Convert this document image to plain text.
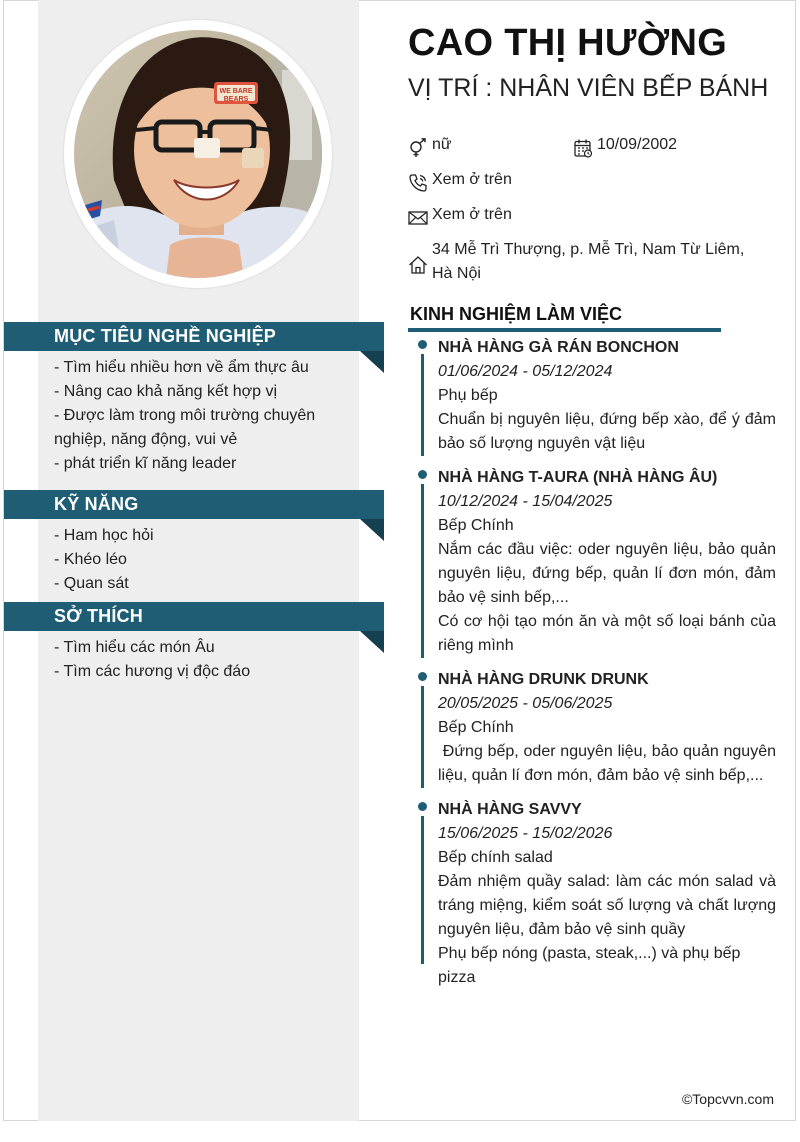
WE BARE BEARS
MỤC TIÊU NGHỀ NGHIỆP
- Tìm hiểu nhiều hơn về ẩm thực âu
- Nâng cao khả năng kết hợp vị
- Được làm trong môi trường chuyên nghiệp, năng động, vui vẻ
- phát triển kĩ năng leader
KỸ NĂNG
- Ham học hỏi
- Khéo léo
- Quan sát
SỞ THÍCH
- Tìm hiểu các món Âu
- Tìm các hương vị độc đáo
CAO THỊ HƯỜNG
VỊ TRÍ : NHÂN VIÊN BẾP BÁNH
nữ	10/09/2002
Xem ở trên
Xem ở trên
34 Mễ Trì Thượng, p. Mễ Trì, Nam Từ Liêm, Hà Nội
KINH NGHIỆM LÀM VIỆC
NHÀ HÀNG GÀ RÁN BONCHON
01/06/2024 - 05/12/2024
Phụ bếp
Chuẩn bị nguyên liệu, đứng bếp xào, để ý đảm bảo số lượng nguyên vật liệu
NHÀ HÀNG T-AURA (NHÀ HÀNG ÂU)
10/12/2024 - 15/04/2025
Bếp Chính
Nắm các đầu việc: oder nguyên liệu, bảo quản nguyên liệu, đứng bếp, quản lí đơn món, đảm bảo vệ sinh bếp,...
Có cơ hội tạo món ăn và một số loại bánh của riêng mình
NHÀ HÀNG DRUNK DRUNK
20/05/2025 - 05/06/2025
Bếp Chính
Đứng bếp, oder nguyên liệu, bảo quản nguyên liệu, quản lí đơn món, đảm bảo vệ sinh bếp,...
NHÀ HÀNG SAVVY
15/06/2025 - 15/02/2026
Bếp chính salad
Đảm nhiệm quầy salad: làm các món salad và tráng miệng, kiểm soát số lượng và chất lượng nguyên liệu, đảm bảo vệ sinh quầy
Phụ bếp nóng (pasta, steak,...) và phụ bếp pizza
©Topcvvn.com
